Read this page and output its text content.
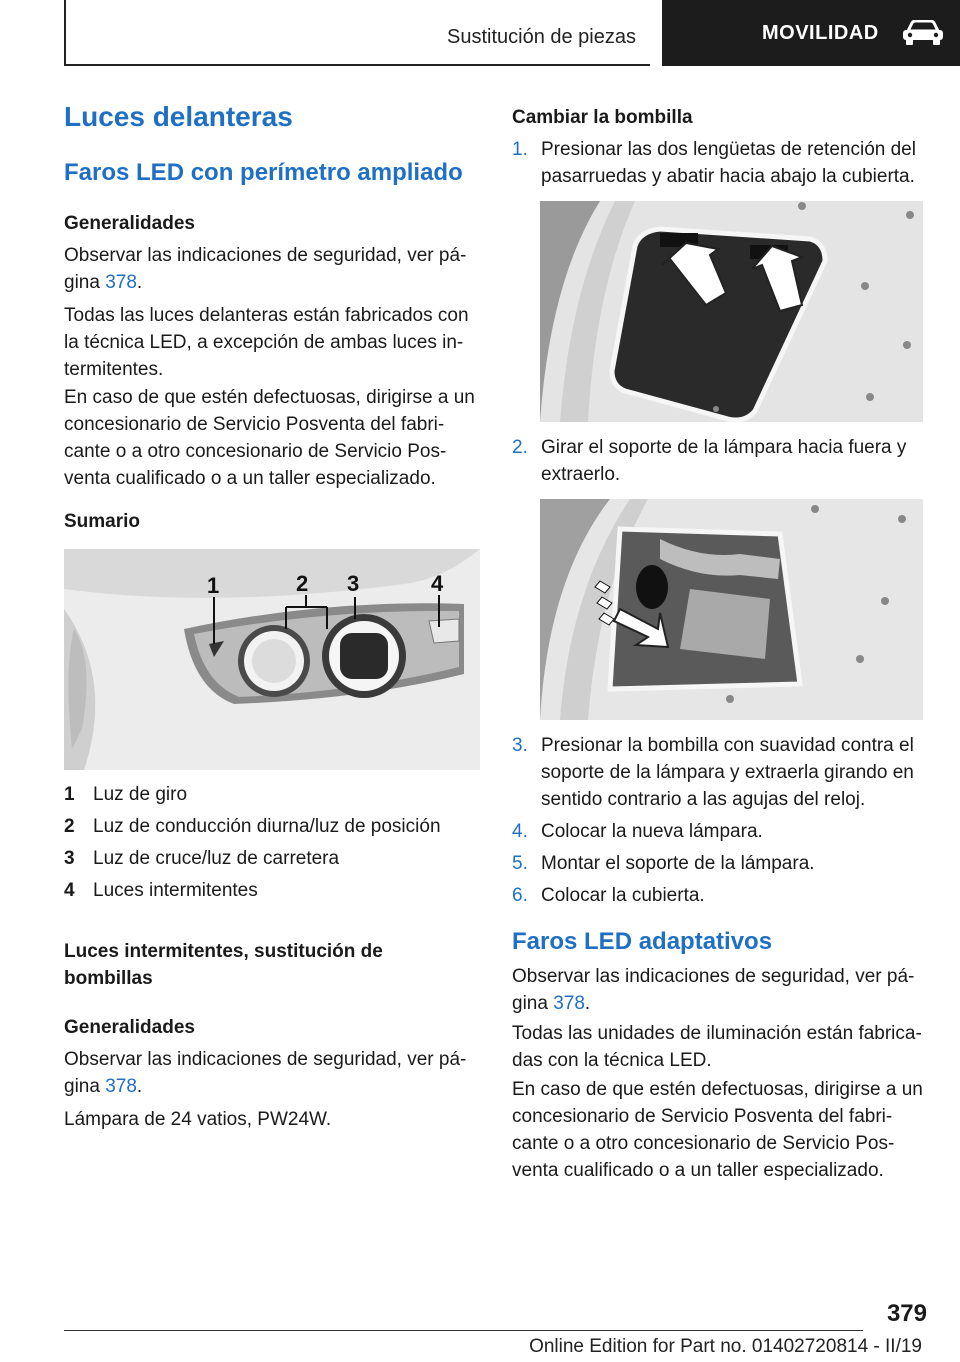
Sustitución de piezas	MOVILIDAD
Luces delanteras
Faros LED con perímetro ampliado
Generalidades
Observar las indicaciones de seguridad, ver pá-
gina 378.
Todas las luces delanteras están fabricados con
la técnica LED, a excepción de ambas luces in-
termitentes.
En caso de que estén defectuosas, dirigirse a un
concesionario de Servicio Posventa del fabri-
cante o a otro concesionario de Servicio Pos-
venta cualificado o a un taller especializado.
Sumario
1	2 3	4
1 Luz de giro
2 Luz de conducción diurna/luz de posición
3 Luz de cruce/luz de carretera
4 Luces intermitentes
Luces intermitentes, sustitución de
bombillas
Generalidades
Observar las indicaciones de seguridad, ver pá-
gina 378.
Lámpara de 24 vatios, PW24W.
Cambiar la bombilla
1. Presionar las dos lengüetas de retención del
pasarruedas y abatir hacia abajo la cubierta.
2. Girar el soporte de la lámpara hacia fuera y
extraerlo.
3. Presionar la bombilla con suavidad contra el
soporte de la lámpara y extraerla girando en
sentido contrario a las agujas del reloj.
4. Colocar la nueva lámpara.
5. Montar el soporte de la lámpara.
6. Colocar la cubierta.
Faros LED adaptativos
Observar las indicaciones de seguridad, ver pá-
gina 378.
Todas las unidades de iluminación están fabrica-
das con la técnica LED.
En caso de que estén defectuosas, dirigirse a un
concesionario de Servicio Posventa del fabri-
cante o a otro concesionario de Servicio Pos-
venta cualificado o a un taller especializado.
379
Online Edition for Part no. 01402720814 - II/19
